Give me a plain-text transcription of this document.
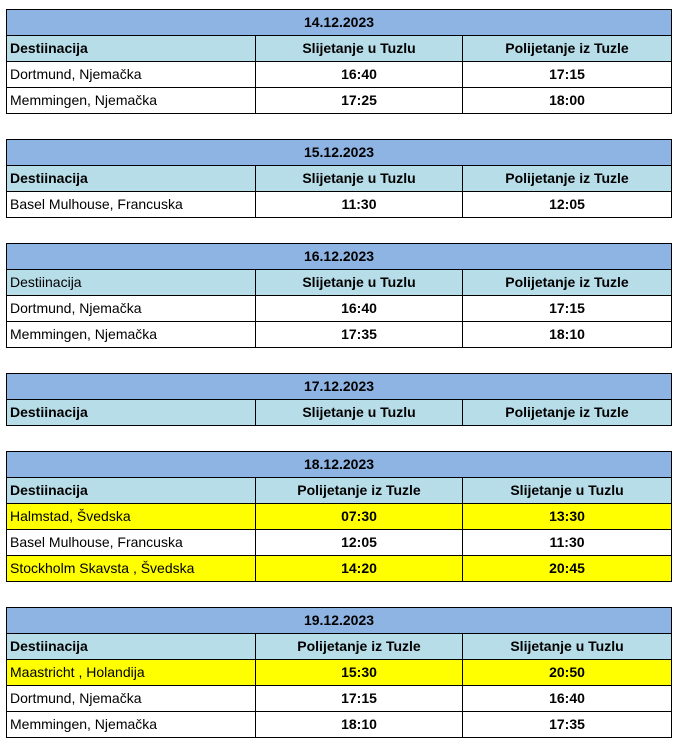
14.12.2023		
Destiinacija	Slijetanje u Tuzlu	Polijetanje iz Tuzle
Dortmund, Njemačka	16:40	17:15
Memmingen, Njemačka	17:25	18:00
15.12.2023		
Destiinacija	Slijetanje u Tuzlu	Polijetanje iz Tuzle
Basel Mulhouse, Francuska	11:30	12:05
16.12.2023		
Destiinacija	Slijetanje u Tuzlu	Polijetanje iz Tuzle
Dortmund, Njemačka	16:40	17:15
Memmingen, Njemačka	17:35	18:10
17.12.2023
Destiinacija	Slijetanje u Tuzlu	Polijetanje iz Tuzle
18.12.2023		
Destiinacija	Polijetanje iz Tuzle	Slijetanje u Tuzlu
Halmstad, Švedska	07:30	13:30
Basel Mulhouse, Francuska	12:05	11:30
Stockholm Skavsta , Švedska	14:20	20:45
19.12.2023		
Destiinacija	Polijetanje iz Tuzle	Slijetanje u Tuzlu
Maastricht , Holandija	15:30	20:50
Dortmund, Njemačka	17:15	16:40
Memmingen, Njemačka	18:10	17:35
